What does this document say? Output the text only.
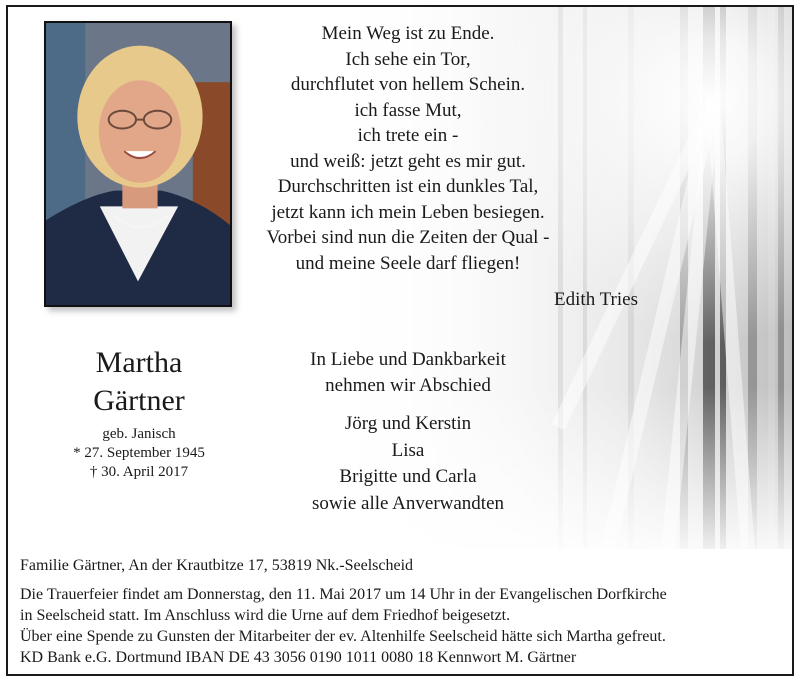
Martha
Gärtner
geb. Janisch
* 27. September 1945
† 30. April 2017
Mein Weg ist zu Ende.
Ich sehe ein Tor,
durchflutet von hellem Schein.
ich fasse Mut,
ich trete ein -
und weiß: jetzt geht es mir gut.
Durchschritten ist ein dunkles Tal,
jetzt kann ich mein Leben besiegen.
Vorbei sind nun die Zeiten der Qual -
und meine Seele darf fliegen!
Edith Tries
In Liebe und Dankbarkeit
nehmen wir Abschied
Jörg und Kerstin
Lisa
Brigitte und Carla
sowie alle Anverwandten
Familie Gärtner, An der Krautbitze 17, 53819 Nk.-Seelscheid
Die Trauerfeier findet am Donnerstag, den 11. Mai 2017 um 14 Uhr in der Evangelischen Dorfkirche
in Seelscheid statt. Im Anschluss wird die Urne auf dem Friedhof beigesetzt.
Über eine Spende zu Gunsten der Mitarbeiter der ev. Altenhilfe Seelscheid hätte sich Martha gefreut.
KD Bank e.G. Dortmund IBAN DE 43 3056 0190 1011 0080 18 Kennwort M. Gärtner
